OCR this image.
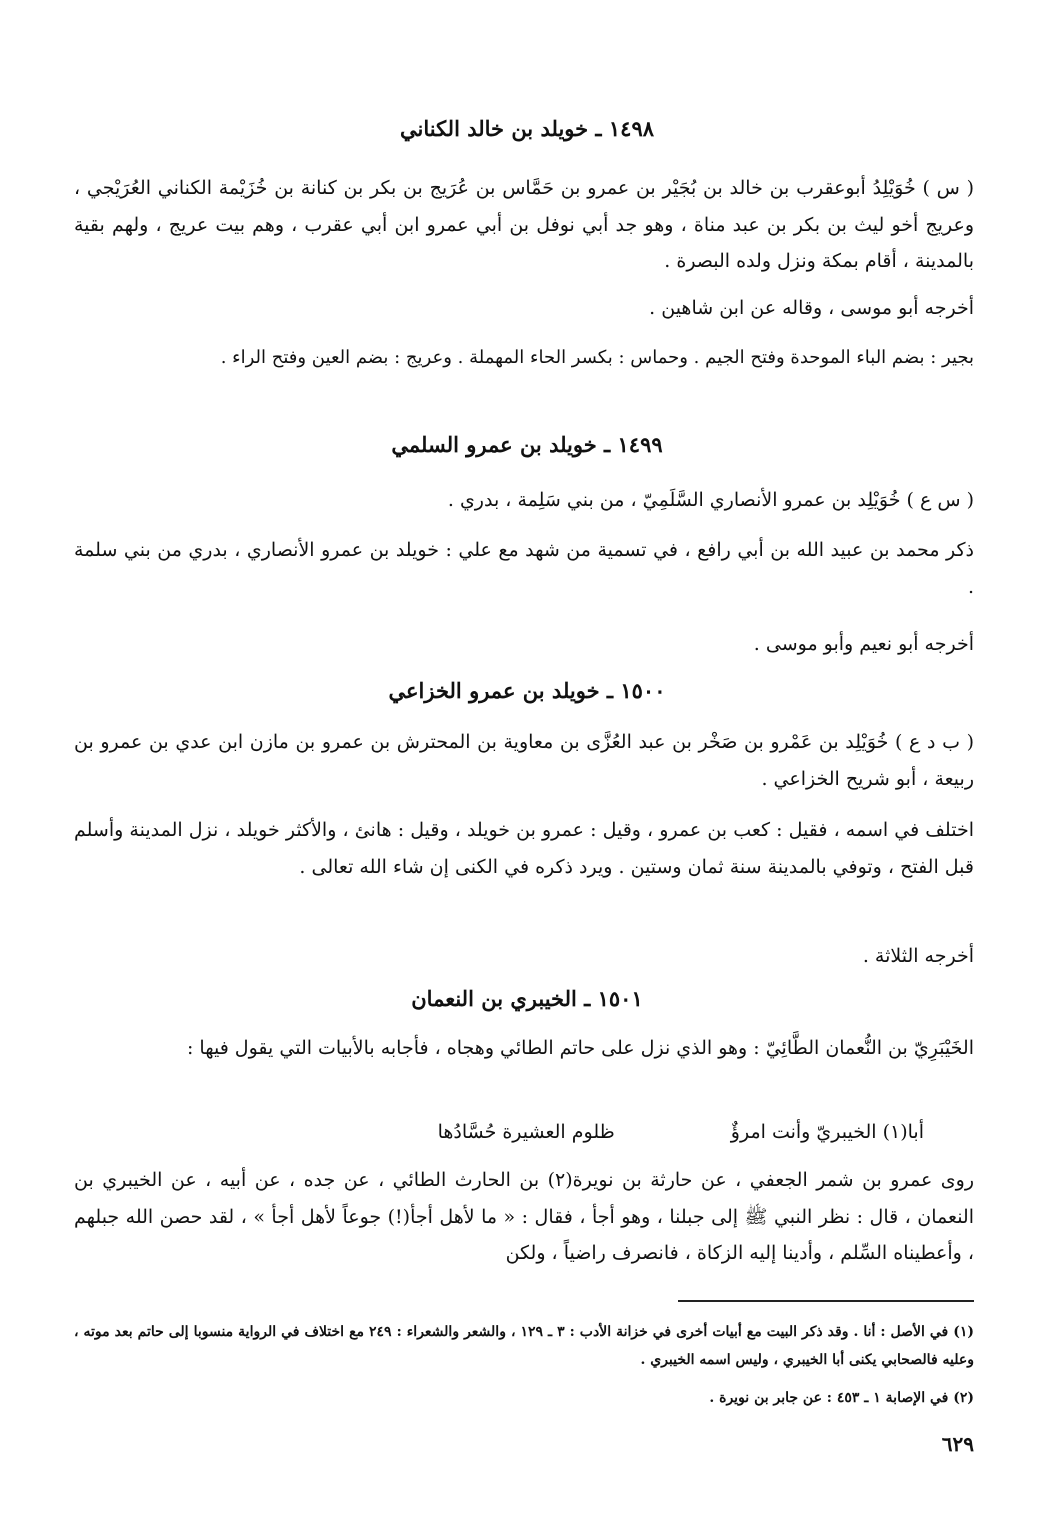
١٤٩٨ ـ خويلد بن خالد الكناني
( س ) خُوَيْلِدُ أبوعقرب بن خالد بن بُجَيْر بن عمرو بن حَمَّاس بن عُرَيج بن بكر بن كنانة بن خُزَيْمة الكناني العُرَيْجي ، وعريج أخو ليث بن بكر بن عبد مناة ، وهو جد أبي نوفل بن أبي عمرو ابن أبي عقرب ، وهم بيت عريج ، ولهم بقية بالمدينة ، أقام بمكة ونزل ولده البصرة .
أخرجه أبو موسى ، وقاله عن ابن شاهين .
بجير : بضم الباء الموحدة وفتح الجيم . وحماس : بكسر الحاء المهملة . وعريج : بضم العين وفتح الراء .
١٤٩٩ ـ خويلد بن عمرو السلمي
( س ع ) خُوَيْلِد بن عمرو الأنصاري السَّلَمِيّ ، من بني سَلِمة ، بدري .
ذكر محمد بن عبيد الله بن أبي رافع ، في تسمية من شهد مع علي : خويلد بن عمرو الأنصاري ، بدري من بني سلمة .
أخرجه أبو نعيم وأبو موسى .
١٥٠٠ ـ خويلد بن عمرو الخزاعي
( ب د ع ) خُوَيْلِد بن عَمْرو بن صَخْر بن عبد العُزَّى بن معاوية بن المحترش بن عمرو بن مازن ابن عدي بن عمرو بن ربيعة ، أبو شريح الخزاعي .
اختلف في اسمه ، فقيل : كعب بن عمرو ، وقيل : عمرو بن خويلد ، وقيل : هانئ ، والأكثر خويلد ، نزل المدينة وأسلم قبل الفتح ، وتوفي بالمدينة سنة ثمان وستين . ويرد ذكره في الكنى إن شاء الله تعالى .
أخرجه الثلاثة .
١٥٠١ ـ الخيبري بن النعمان
الخَيْبَرِيّ بن النُّعمان الطَّائِيّ : وهو الذي نزل على حاتم الطائي وهجاه ، فأجابه بالأبيات التي يقول فيها :
أبا(١) الخيبريّ وأنت امرؤٌ ظلوم العشيرة حُسَّادُها
روى عمرو بن شمر الجعفي ، عن حارثة بن نويرة(٢) بن الحارث الطائي ، عن جده ، عن أبيه ، عن الخيبري بن النعمان ، قال : نظر النبي ﷺ إلى جبلنا ، وهو أجأ ، فقال : « ما لأهل أجأ(!) جوعاً لأهل أجأ » ، لقد حصن الله جبلهم ، وأعطيناه السِّلم ، وأدينا إليه الزكاة ، فانصرف راضياً ، ولكن
(١) في الأصل : أنا . وقد ذكر البيت مع أبيات أخرى في خزانة الأدب : ٣ ـ ١٢٩ ، والشعر والشعراء : ٢٤٩ مع اختلاف في الرواية منسوبا إلى حاتم بعد موته ، وعليه فالصحابي يكنى أبا الخيبري ، وليس اسمه الخيبري .
(٢) في الإصابة ١ ـ ٤٥٣ : عن جابر بن نويرة .
٦٢٩
